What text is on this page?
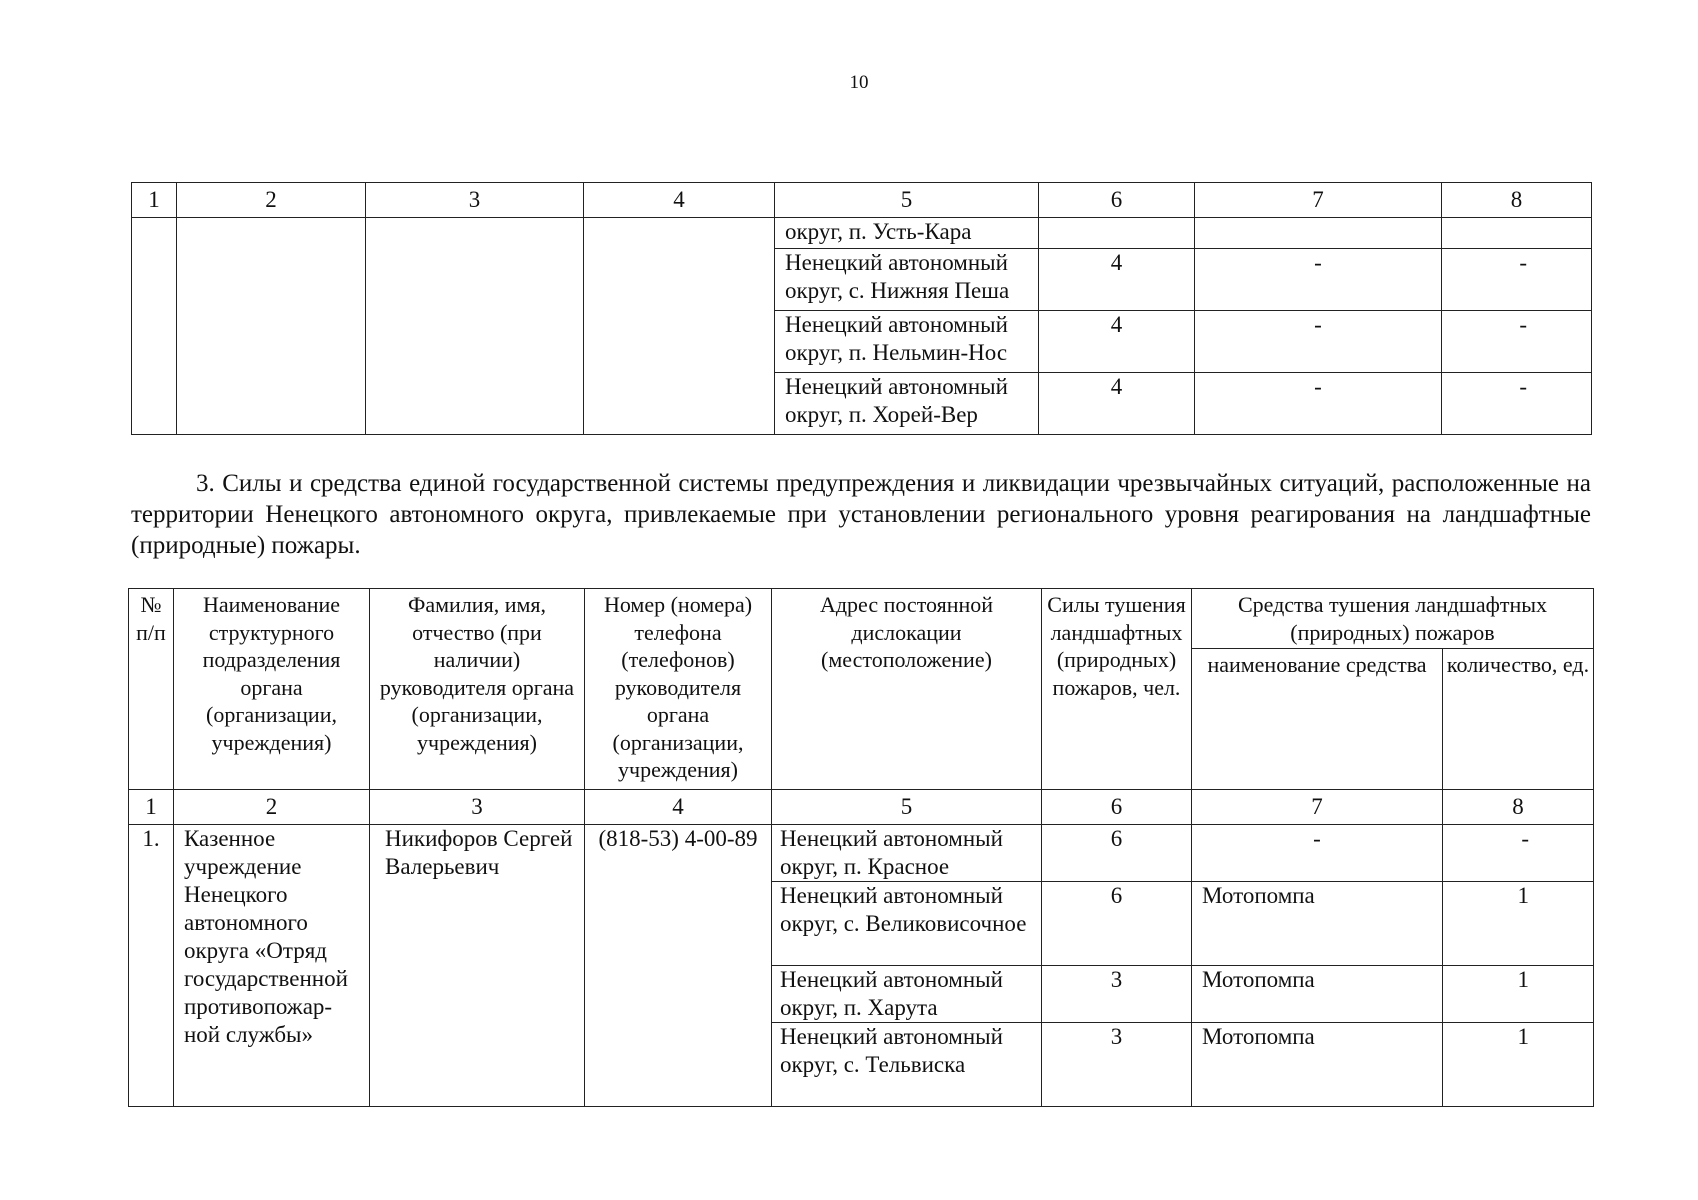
10
1	2	3	4	5	6	7	8
				округ, п. Усть-Кара			
				Ненецкий автономный округ, с. Нижняя Пеша	4	-	-
				Ненецкий автономный округ, п. Нельмин-Нос	4	-	-
				Ненецкий автономный округ, п. Хорей-Вер	4	-	-

3. Силы и средства единой государственной системы предупреждения и ликвидации чрезвычайных ситуаций, расположенные на территории Ненецкого автономного округа, привлекаемые при установлении регионального уровня реагирования на ландшафтные (природные) пожары.

№ п/п	Наименование структурного подразделения органа (организации, учреждения)	Фамилия, имя, отчество (при наличии) руководителя органа (организации, учреждения)	Номер (номера) телефона (телефонов) руководителя органа (организации, учреждения)	Адрес постоянной дислокации (местоположение)	Силы тушения ландшафтных (природных) пожаров, чел.	Средства тушения ландшафтных (природных) пожаров	
						наименование средства	количество, ед.
1	2	3	4	5	6	7	8
1.	Казенное учреждение Ненецкого автономного округа «Отряд государственной противопожар-ной службы»	Никифоров Сергей Валерьевич	(818-53) 4-00-89	Ненецкий автономный округ, п. Красное	6	-	-
				Ненецкий автономный округ, с. Великовисочное	6	Мотопомпа	1
				Ненецкий автономный округ, п. Харута	3	Мотопомпа	1
				Ненецкий автономный округ, с. Тельвиска	3	Мотопомпа	1
